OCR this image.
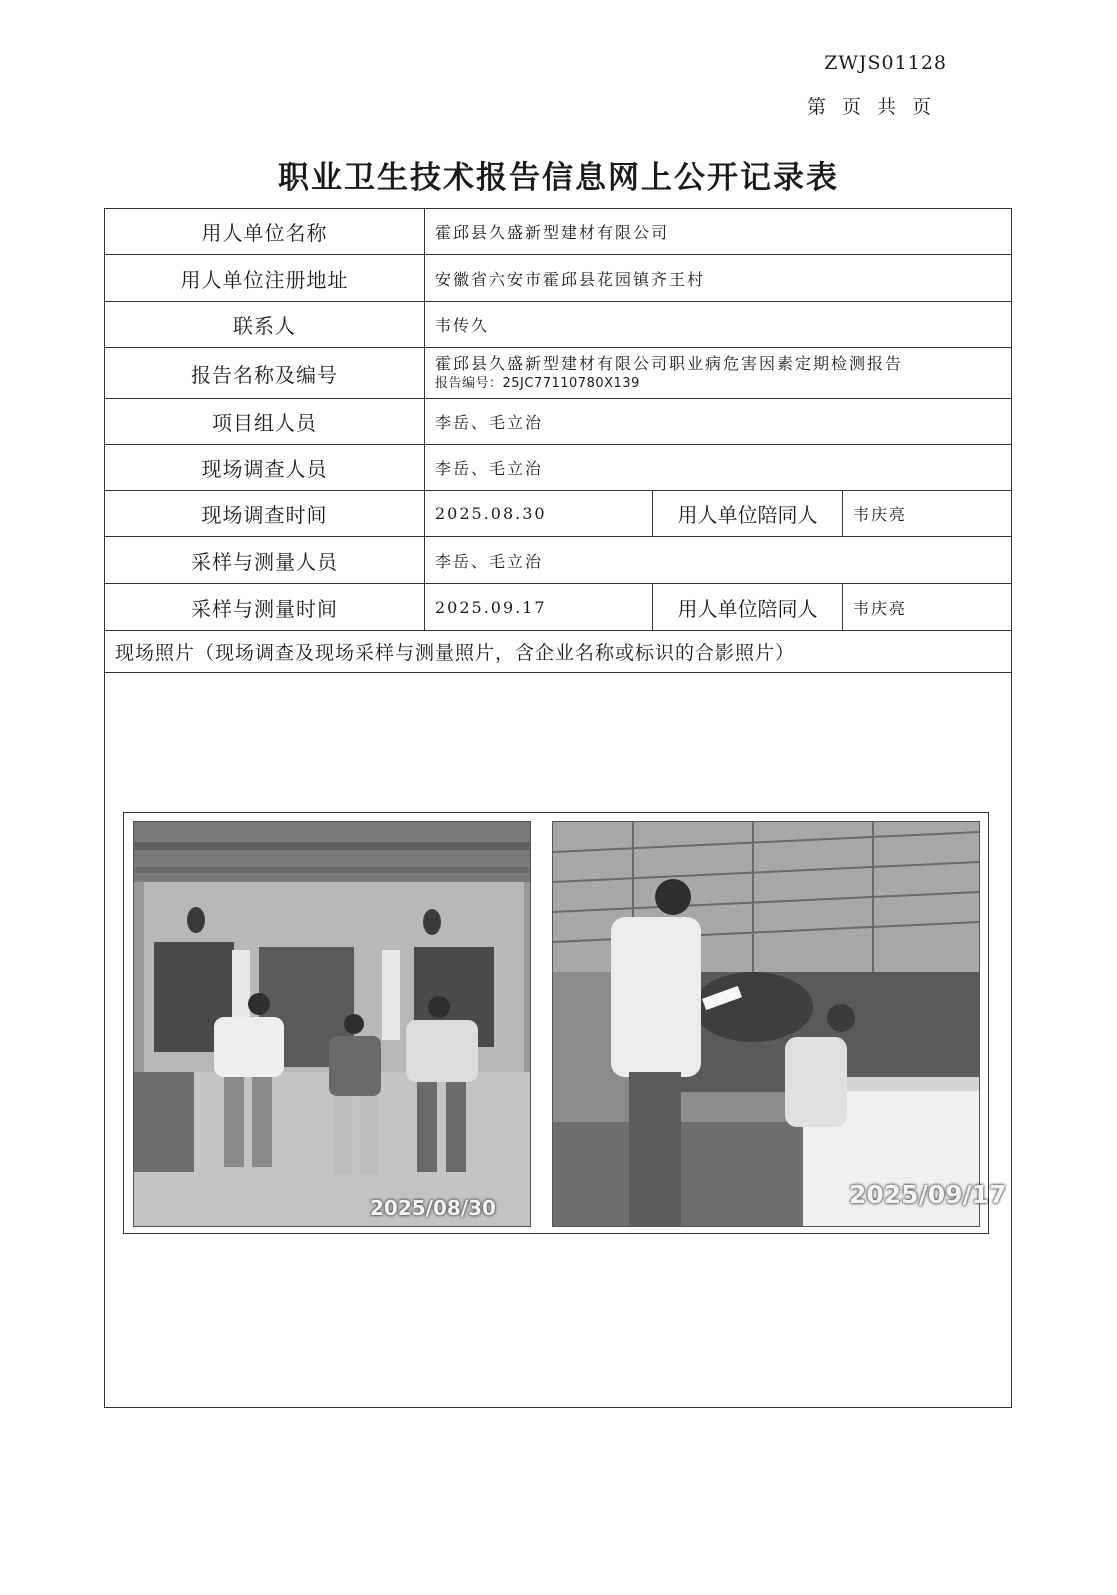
ZWJS01128
第页共页
职业卫生技术报告信息网上公开记录表
用人单位名称	霍邱县久盛新型建材有限公司		
用人单位注册地址	安徽省六安市霍邱县花园镇齐王村		
联系人	韦传久		
报告名称及编号	霍邱县久盛新型建材有限公司职业病危害因素定期检测报告
报告编号：25JC77110780X139		

项目组人员	李岳、毛立治		
现场调查人员	李岳、毛立治		
现场调查时间	2025.08.30	用人单位陪同人	韦庆亮
采样与测量人员	李岳、毛立治		
采样与测量时间	2025.09.17	用人单位陪同人	韦庆亮
现场照片（现场调查及现场采样与测量照片，含企业名称或标识的合影照片）			

2025/08/30	2025/09/17
